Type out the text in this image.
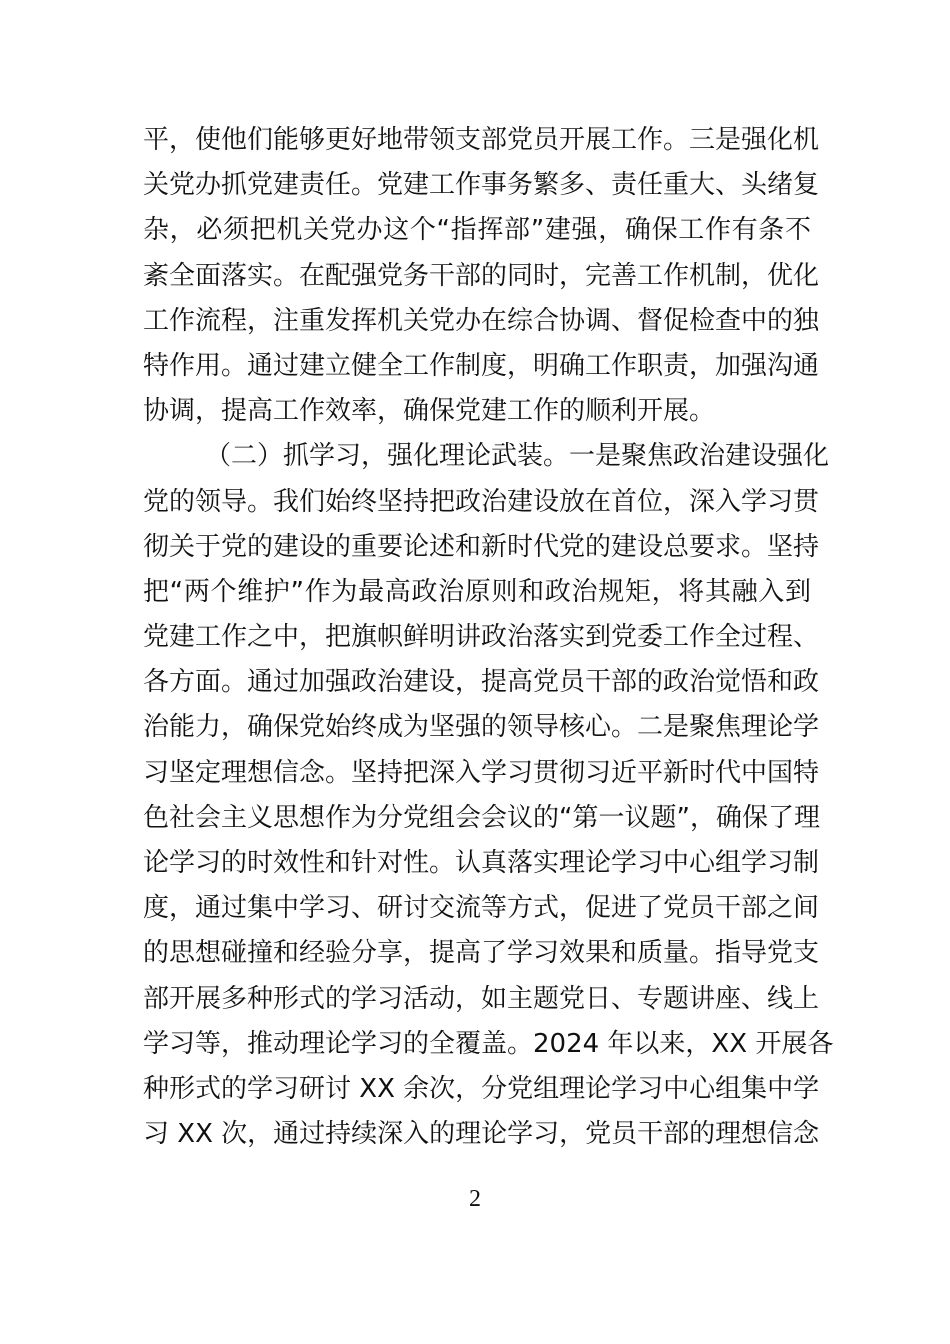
平，使他们能够更好地带领支部党员开展工作。三是强化机
关党办抓党建责任。党建工作事务繁多、责任重大、头绪复
杂，必须把机关党办这个“指挥部”建强，确保工作有条不
紊全面落实。在配强党务干部的同时，完善工作机制，优化
工作流程，注重发挥机关党办在综合协调、督促检查中的独
特作用。通过建立健全工作制度，明确工作职责，加强沟通
协调，提高工作效率，确保党建工作的顺利开展。
（二）抓学习，强化理论武装。一是聚焦政治建设强化
党的领导。我们始终坚持把政治建设放在首位，深入学习贯
彻关于党的建设的重要论述和新时代党的建设总要求。坚持
把“两个维护”作为最高政治原则和政治规矩，将其融入到
党建工作之中，把旗帜鲜明讲政治落实到党委工作全过程、
各方面。通过加强政治建设，提高党员干部的政治觉悟和政
治能力，确保党始终成为坚强的领导核心。二是聚焦理论学
习坚定理想信念。坚持把深入学习贯彻习近平新时代中国特
色社会主义思想作为分党组会会议的“第一议题”，确保了理
论学习的时效性和针对性。认真落实理论学习中心组学习制
度，通过集中学习、研讨交流等方式，促进了党员干部之间
的思想碰撞和经验分享，提高了学习效果和质量。指导党支
部开展多种形式的学习活动，如主题党日、专题讲座、线上
学习等，推动理论学习的全覆盖。2024 年以来，XX 开展各
种形式的学习研讨 XX 余次，分党组理论学习中心组集中学
习 XX 次，通过持续深入的理论学习，党员干部的理想信念
2
